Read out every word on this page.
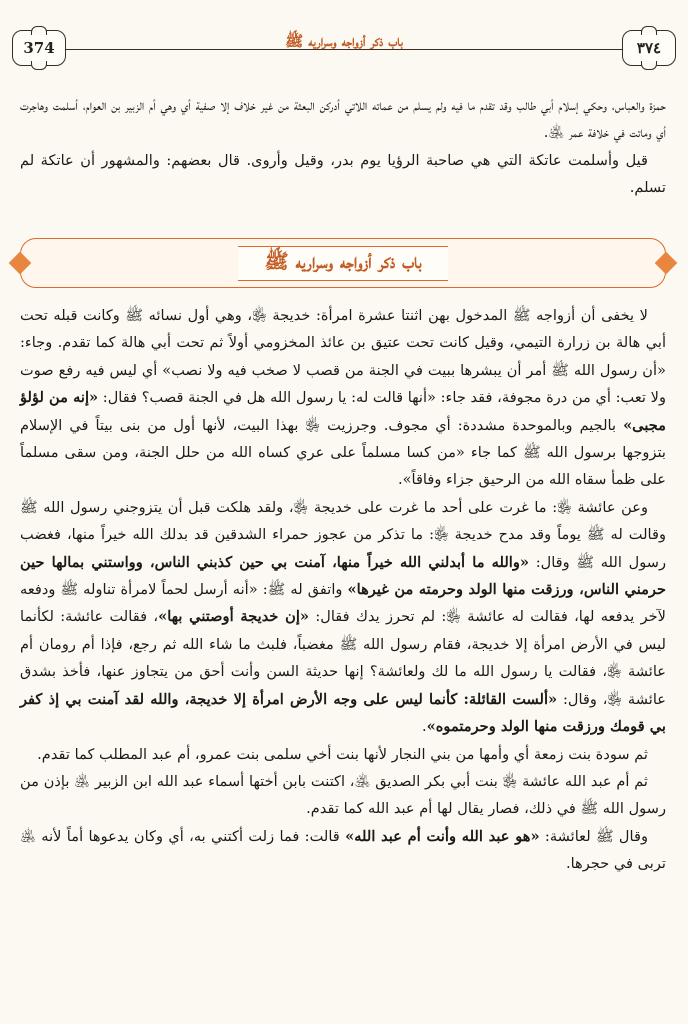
374	باب ذكر أزواجه وسراريه ﷺ	٣٧٤

حمزة والعباس، وحكي إسلام أبي طالب وقد تقدم ما فيه ولم يسلم من عماته اللاتي أدركن البعثة من غير خلاف إلا صفية أي وهي أم الزبير بن العوام، أسلمت وهاجرت أي وماتت في خلافة عمر ﵁.

قيل وأسلمت عاتكة التي هي صاحبة الرؤيا يوم بدر، وقيل وأروى. قال بعضهم: والمشهور أن عاتكة لم تسلم.

باب ذكر أزواجه وسراريه ﷺ

لا يخفى أن أزواجه ﷺ المدخول بهن اثنتا عشرة امرأة: خديجة ﵂، وهي أول نسائه ﷺ وكانت قبله تحت أبي هالة بن زرارة التيمي، وقيل كانت تحت عتيق بن عائذ المخزومي أولاً ثم تحت أبي هالة كما تقدم. وجاء: «أن رسول الله ﷺ أمر أن يبشرها ببيت في الجنة من قصب لا صخب فيه ولا نصب» أي ليس فيه رفع صوت ولا تعب: أي من درة مجوفة، فقد جاء: «أنها قالت له: يا رسول الله هل في الجنة قصب؟ فقال: «إنه من لؤلؤ مجبى» بالجيم وبالموحدة مشددة: أي مجوف. وجرزيت ﵂ بهذا البيت، لأنها أول من بنى بيتاً في الإسلام بتزوجها برسول الله ﷺ كما جاء «من كسا مسلماً على عري كساه الله من حلل الجنة، ومن سقى مسلماً على ظمأ سقاه الله من الرحيق جزاء وفاقاً».

وعن عائشة ﵂: ما غرت على أحد ما غرت على خديجة ﵂، ولقد هلكت قبل أن يتزوجني رسول الله ﷺ وقالت له ﷺ يوماً وقد مدح خديجة ﵂: ما تذكر من عجوز حمراء الشدقين قد بدلك الله خيراً منها، فغضب رسول الله ﷺ وقال: «والله ما أبدلني الله خيراً منها، آمنت بي حين كذبني الناس، وواستني بمالها حين حرمني الناس، ورزقت منها الولد وحرمته من غيرها» واتفق له ﷺ: «أنه أرسل لحماً لامرأة تناوله ﷺ ودفعه لآخر يدفعه لها، فقالت له عائشة ﵂: لم تحرز يدك فقال: «إن خديجة أوصتني بها»، فقالت عائشة: لكأنما ليس في الأرض امرأة إلا خديجة، فقام رسول الله ﷺ مغضباً، فلبث ما شاء الله ثم رجع، فإذا أم رومان أم عائشة ﵂، فقالت يا رسول الله ما لك ولعائشة؟ إنها حديثة السن وأنت أحق من يتجاوز عنها، فأخذ بشدق عائشة ﵂، وقال: «ألست القائلة: كأنما ليس على وجه الأرض امرأة إلا خديجة، والله لقد آمنت بي إذ كفر بي قومك ورزقت منها الولد وحرمتموه».

ثم سودة بنت زمعة أي وأمها من بني النجار لأنها بنت أخي سلمى بنت عمرو، أم عبد المطلب كما تقدم.

ثم أم عبد الله عائشة ﵂ بنت أبي بكر الصديق ﵁، اكتنت بابن أختها أسماء عبد الله ابن الزبير ﵁ بإذن من رسول الله ﷺ في ذلك، فصار يقال لها أم عبد الله كما تقدم.

وقال ﷺ لعائشة: «هو عبد الله وأنت أم عبد الله» قالت: فما زلت أكتني به، أي وكان يدعوها أماً لأنه ﵁ تربى في حجرها.
